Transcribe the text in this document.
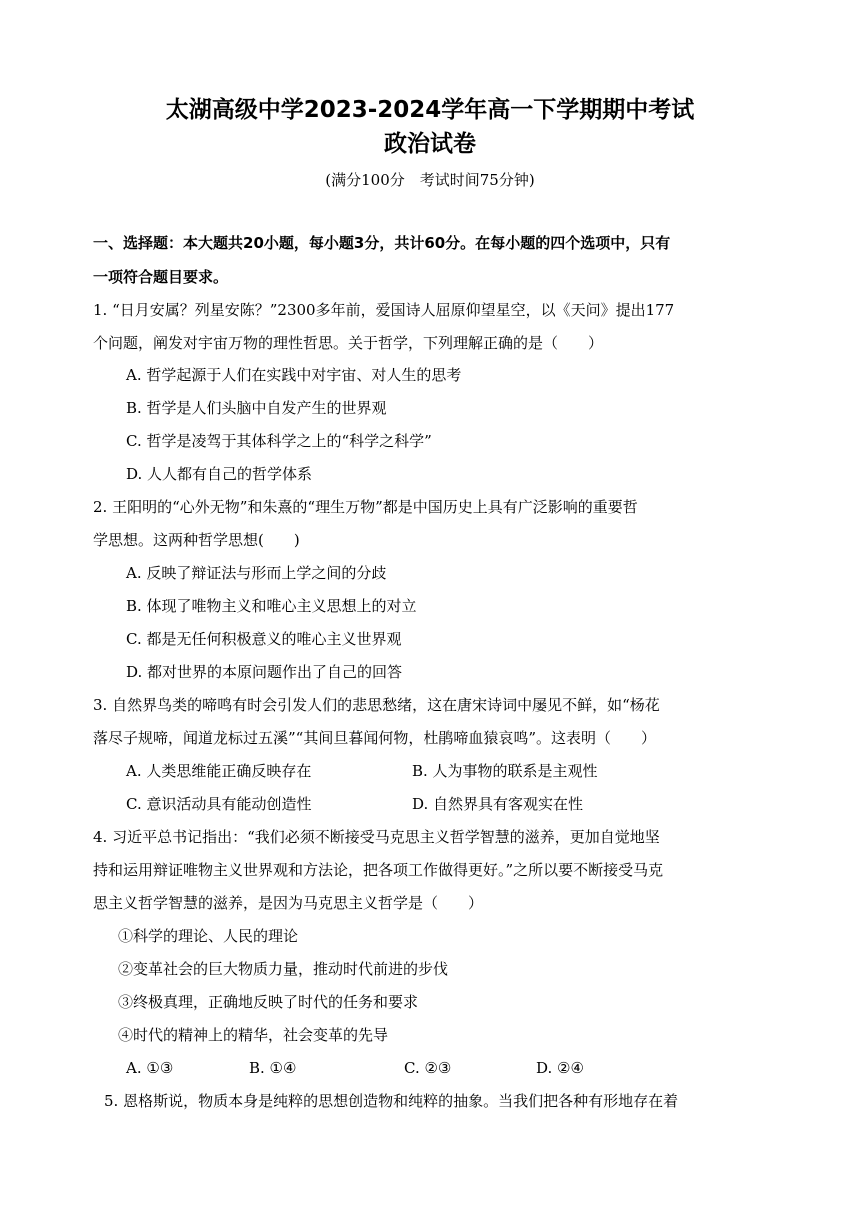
太湖高级中学2023-2024学年高一下学期期中考试
政治试卷
(满分100分　考试时间75分钟)
一、选择题：本大题共20小题，每小题3分，共计60分。在每小题的四个选项中，只有
一项符合题目要求。
1. “日月安属？列星安陈？”2300多年前，爱国诗人屈原仰望星空，以《天问》提出177
个问题，阐发对宇宙万物的理性哲思。关于哲学，下列理解正确的是（　　）
A. 哲学起源于人们在实践中对宇宙、对人生的思考
B. 哲学是人们头脑中自发产生的世界观
C. 哲学是凌驾于其体科学之上的“科学之科学”
D. 人人都有自己的哲学体系
2. 王阳明的“心外无物”和朱熹的“理生万物”都是中国历史上具有广泛影响的重要哲
学思想。这两种哲学思想(　　)
A. 反映了辩证法与形而上学之间的分歧
B. 体现了唯物主义和唯心主义思想上的对立
C. 都是无任何积极意义的唯心主义世界观
D. 都对世界的本原问题作出了自己的回答
3. 自然界鸟类的啼鸣有时会引发人们的悲思愁绪，这在唐宋诗词中屡见不鲜，如“杨花
落尽子规啼，闻道龙标过五溪”“其间旦暮闻何物，杜鹃啼血猿哀鸣”。这表明（　　）
A. 人类思维能正确反映存在	B. 人为事物的联系是主观性
C. 意识活动具有能动创造性	D. 自然界具有客观实在性
4. 习近平总书记指出：“我们必须不断接受马克思主义哲学智慧的滋养，更加自觉地坚
持和运用辩证唯物主义世界观和方法论，把各项工作做得更好。”之所以要不断接受马克
思主义哲学智慧的滋养，是因为马克思主义哲学是（　　）
①科学的理论、人民的理论
②变革社会的巨大物质力量，推动时代前进的步伐
③终极真理，正确地反映了时代的任务和要求
④时代的精神上的精华，社会变革的先导
A. ①③	B. ①④	C. ②③	D. ②④
5. 恩格斯说，物质本身是纯粹的思想创造物和纯粹的抽象。当我们把各种有形地存在着
